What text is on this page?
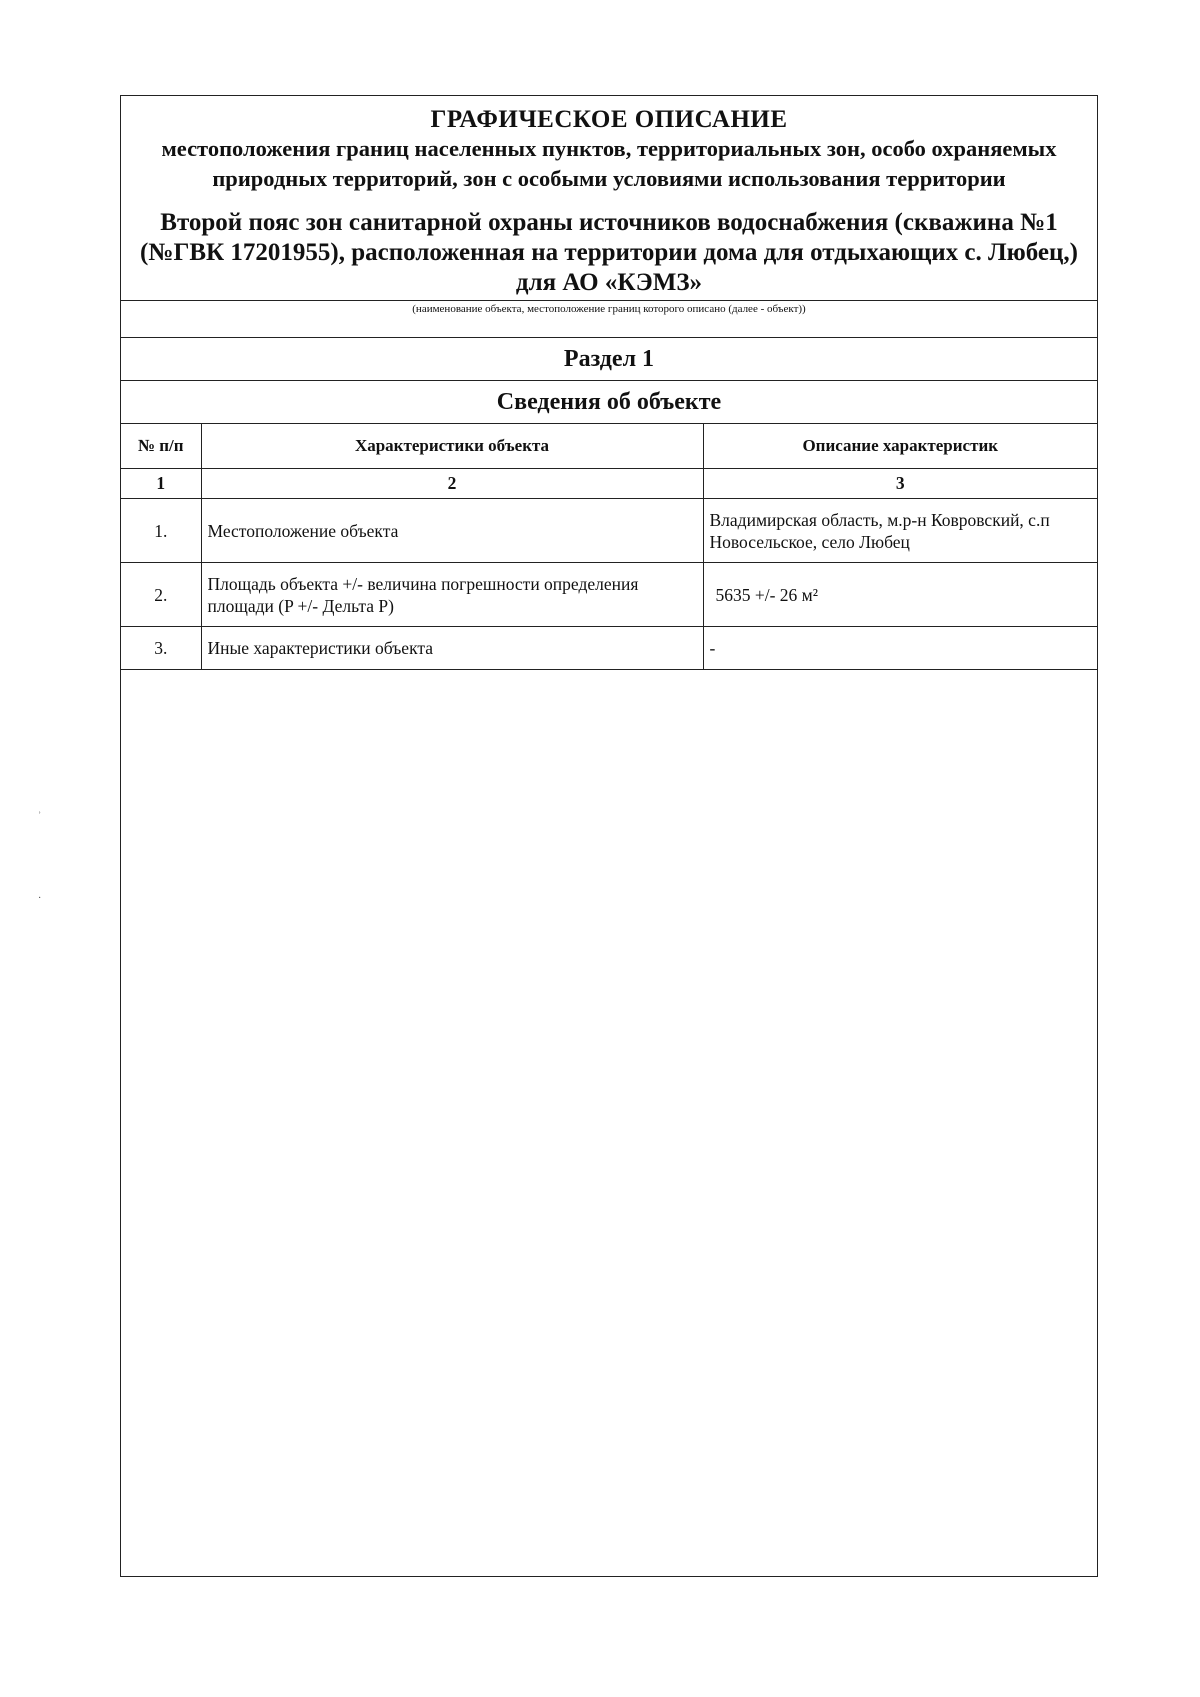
ГРАФИЧЕСКОЕ ОПИСАНИЕ

местоположения границ населенных пунктов, территориальных зон, особо охраняемых природных территорий, зон с особыми условиями использования территории

Второй пояс зон санитарной охраны источников водоснабжения (скважина №1 (№ГВК 17201955), расположенная на территории дома для отдыхающих с. Любец,) для АО «КЭМЗ»

(наименование объекта, местоположение границ которого описано (далее - объект))
Раздел 1
Сведения об объекте
№ п/п	Характеристики объекта	Описание характеристик
1	2	3
1.	Местоположение объекта	Владимирская область, м.р-н Ковровский, с.п Новосельское, село Любец
2.	Площадь объекта +/- величина погрешности определения площади (P +/- Дельта P)	5635 +/- 26 м²
3.	Иные характеристики объекта	-
˒
·
